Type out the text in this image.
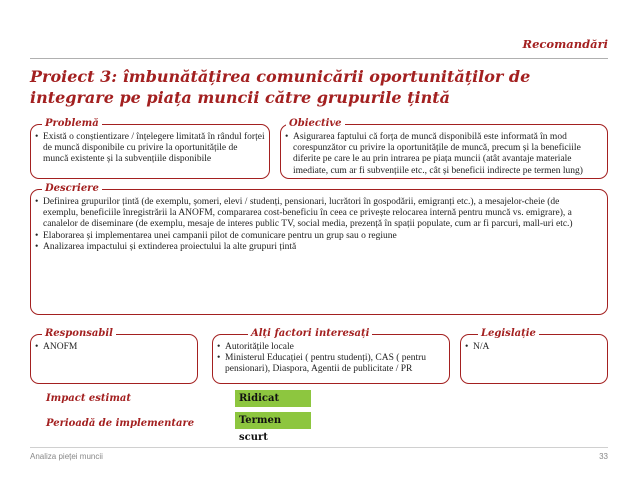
Recomandări
Proiect 3: îmbunătățirea comunicării oportunităților de integrare pe piața muncii către grupurile țintă
• Există o conștientizare / înțelegere limitată în rândul forței de muncă disponibile cu privire la oportunitățile de muncă existente și la subvențiile disponibile
Problemă
• Asigurarea faptului că forța de muncă disponibilă este informată în mod corespunzător cu privire la oportunitățile de muncă, precum și la beneficiile diferite pe care le au prin intrarea pe piața muncii (atât avantaje materiale imediate, cum ar fi subvențiile etc., cât și beneficii indirecte pe termen lung)
Obiective
• Definirea grupurilor țintă (de exemplu, șomeri, elevi / studenți, pensionari, lucrători în gospodării, emigranți etc.), a mesajelor-cheie (de exemplu, beneficiile înregistrării la ANOFM, compararea cost-beneficiu în ceea ce privește relocarea internă pentru muncă vs. emigrare), a canalelor de diseminare (de exemplu, mesaje de interes public TV, social media, prezență în spații populate, cum ar fi parcuri, mall-uri etc.)
• Elaborarea și implementarea unei campanii pilot de comunicare pentru un grup sau o regiune
• Analizarea impactului și extinderea proiectului la alte grupuri țintă
Descriere
• ANOFM
Responsabil
• Autoritățile locale
• Ministerul Educației ( pentru studenți), CAS ( pentru pensionari), Diaspora, Agentii de publicitate / PR
Alți factori interesați
• N/A
Legislație
Impact estimat	Ridicat
Perioadă de implementare	Termen scurt
Analiza pieței muncii	33
